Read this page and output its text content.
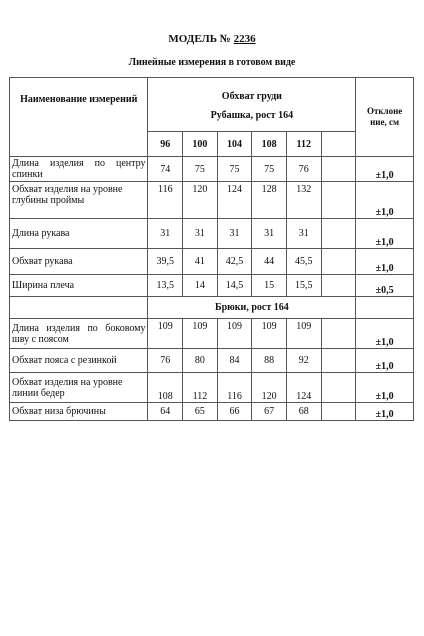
МОДЕЛЬ № 2236
Линейные измерения в готовом виде
Наименование измерений	Обхват груди
Рубашка, рост 164						Отклоне ние, см
	96	100	104	108	112		
Длина изделия по центру спинки	74	75	75	75	76		±1,0
Обхват изделия на уровне глубины проймы	116	120	124	128	132		±1,0
Длина рукава	31	31	31	31	31		±1,0
Обхват рукава	39,5	41	42,5	44	45,5		±1,0
Ширина плеча	13,5	14	14,5	15	15,5		±0,5
	Брюки, рост 164						
Длина изделия по боковому шву с поясом	109	109	109	109	109		±1,0
Обхват пояса с резинкой	76	80	84	88	92		±1,0
Обхват изделия на уровне линии бедер	108	112	116	120	124		±1,0
Обхват низа брючины	64	65	66	67	68		±1,0
